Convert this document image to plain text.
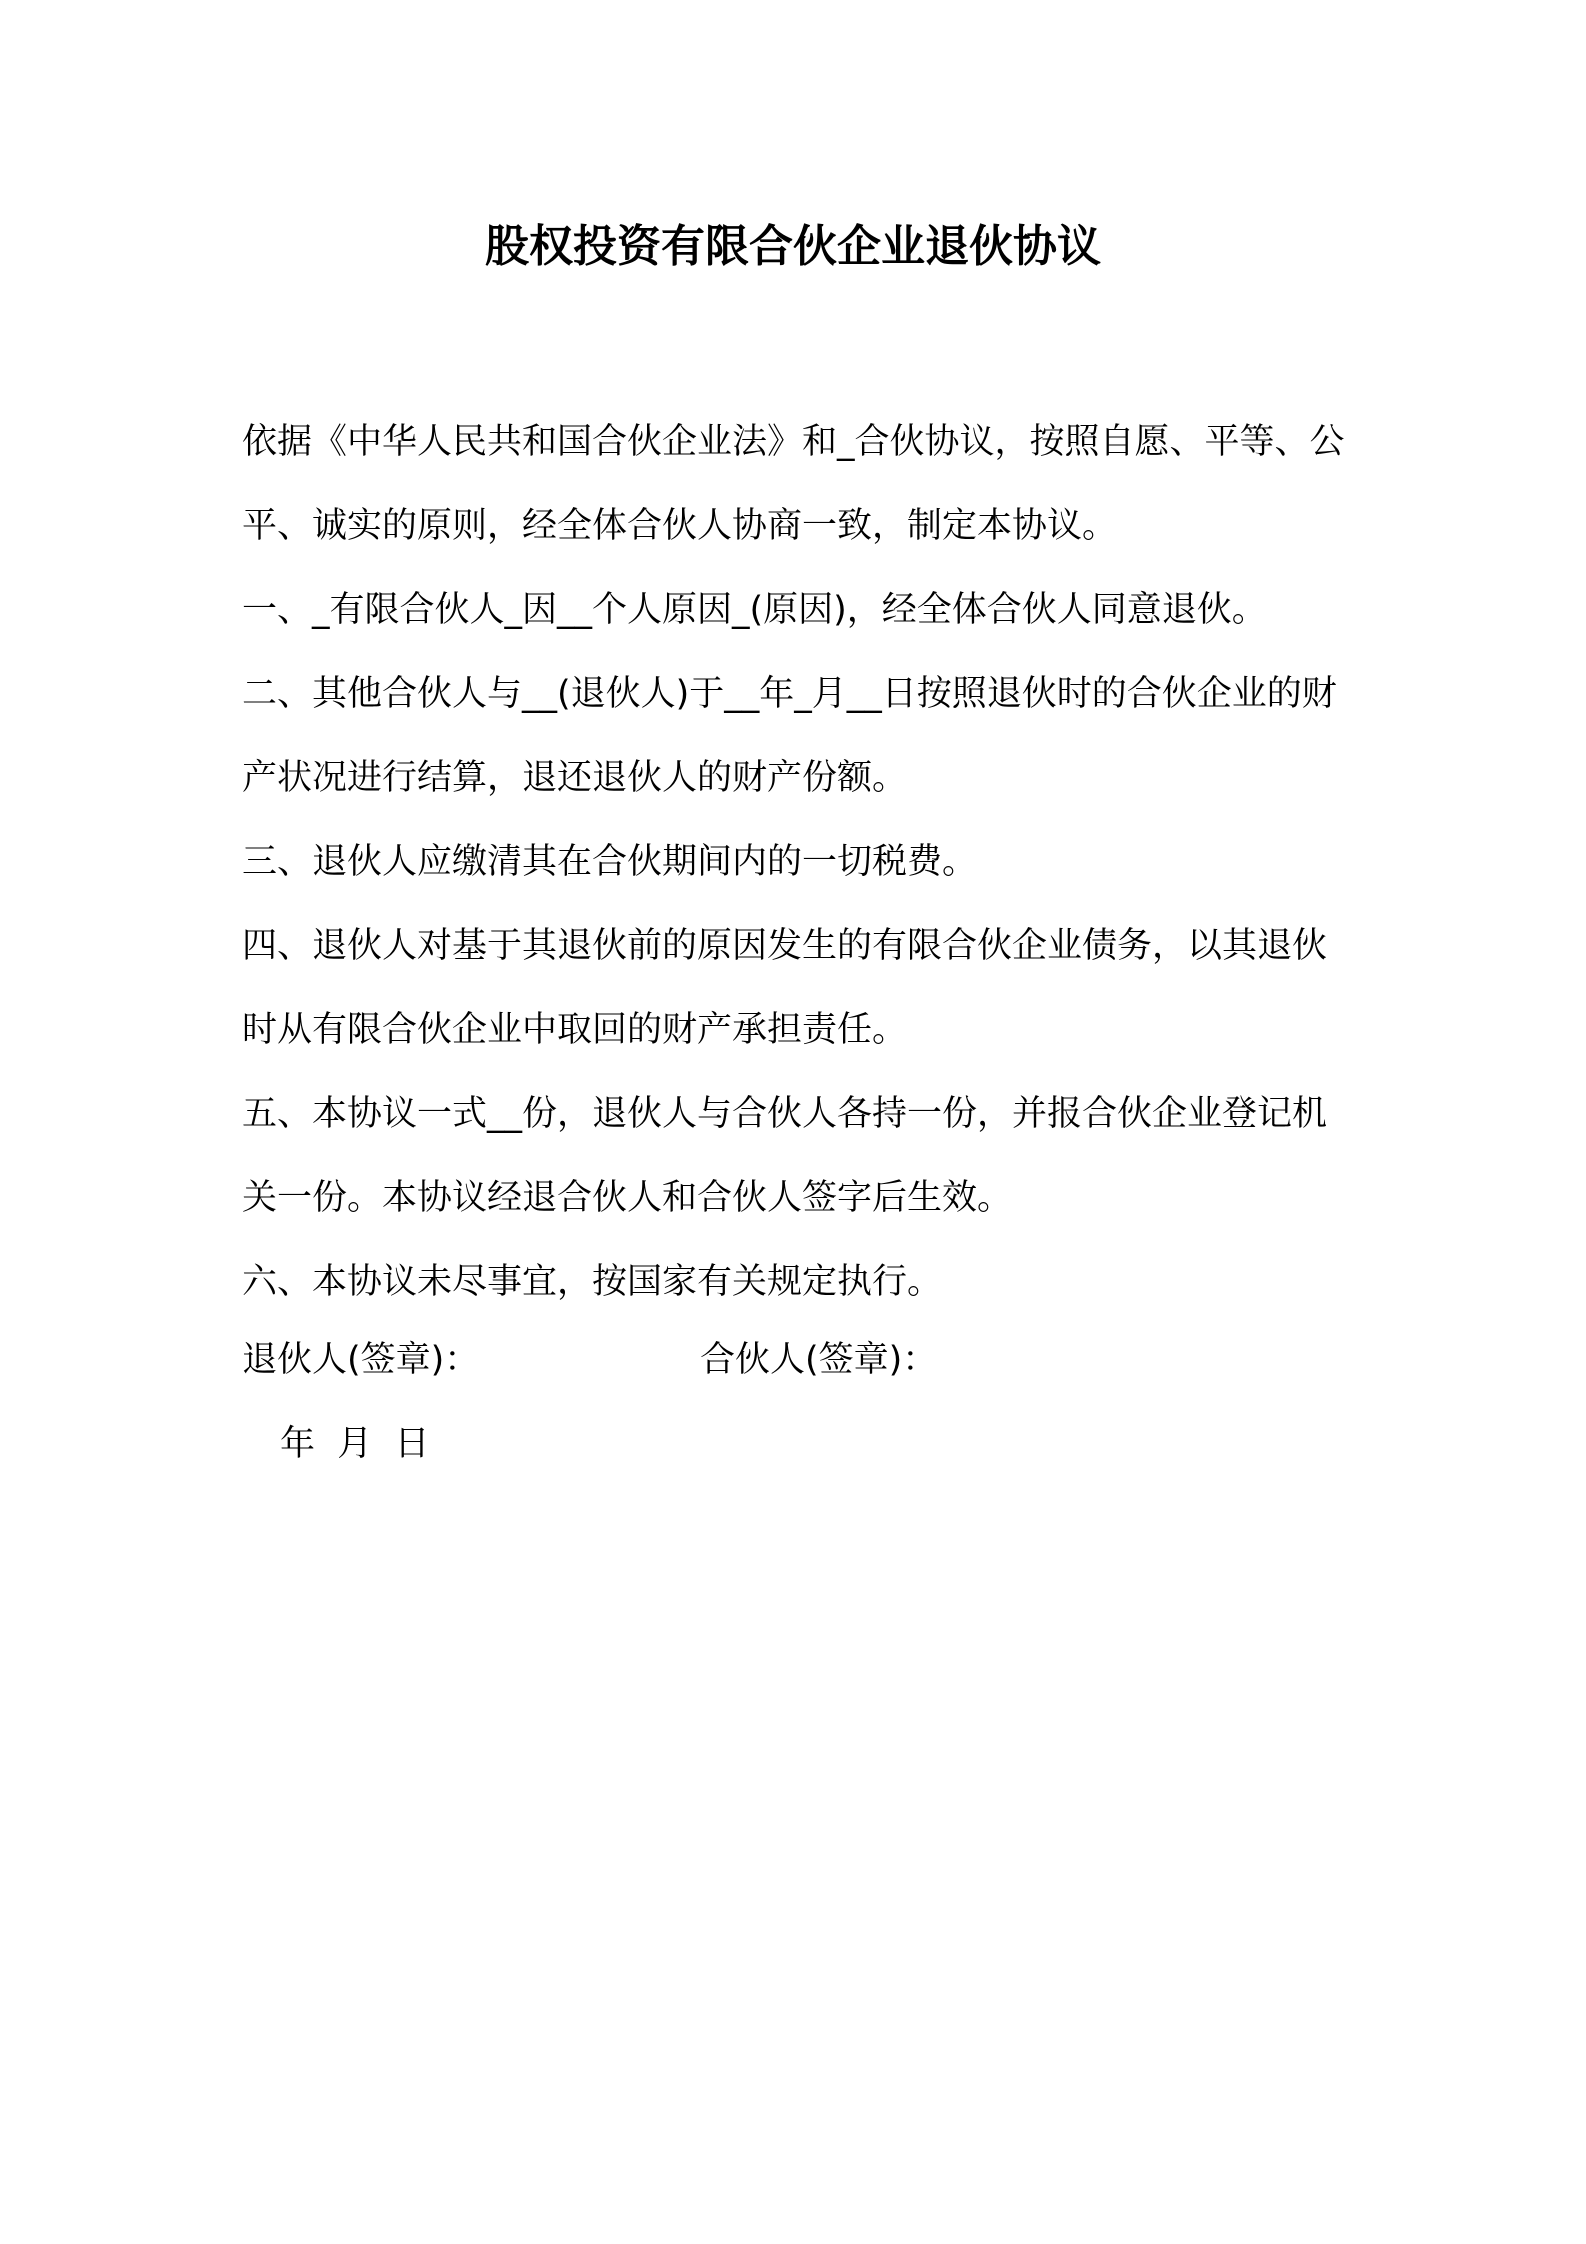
股权投资有限合伙企业退伙协议

依据《中华人民共和国合伙企业法》和_合伙协议，按照自愿、平等、公平、诚实的原则，经全体合伙人协商一致，制定本协议。

一、_有限合伙人_因__个人原因_(原因)，经全体合伙人同意退伙。

二、其他合伙人与__(退伙人)于__年_月__日按照退伙时的合伙企业的财产状况进行结算，退还退伙人的财产份额。

三、退伙人应缴清其在合伙期间内的一切税费。

四、退伙人对基于其退伙前的原因发生的有限合伙企业债务，以其退伙时从有限合伙企业中取回的财产承担责任。

五、本协议一式__份，退伙人与合伙人各持一份，并报合伙企业登记机关一份。本协议经退合伙人和合伙人签字后生效。

六、本协议未尽事宜，按国家有关规定执行。

退伙人(签章)：	合伙人(签章)：
年  月  日
